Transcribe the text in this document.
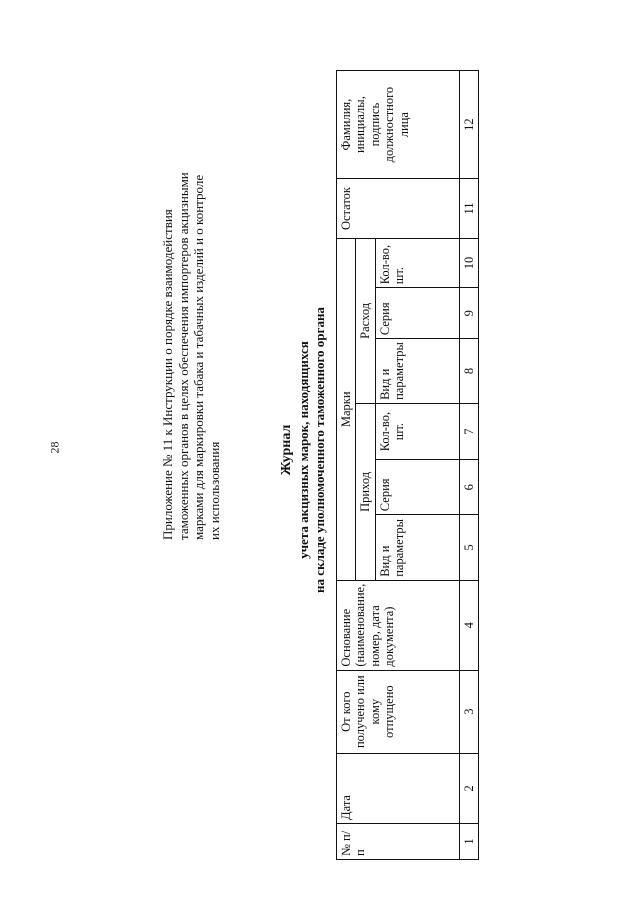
28	Приложение № 11 к Инструкции о порядке взаимодействия таможенных органов в целях обеспечения импортеров акцизными марками для маркировки табака и табачных изделий и о контроле их использования	Журнал учета акцизных марок, находящихся на складе уполномоченного таможенного органа
№ п/п	Дата	От кого получено или кому отпущено	Основание (наименование, номер, дата документа)	Марки						Остаток	Фамилия, инициалы, подпись должностного лица
				Приход			Расход				
				Вид и параметры	Серия	Кол-во, шт.	Вид и параметры	Серия	Кол-во, шт.		
1	2	3	4	5	6	7	8	9	10	11	12
